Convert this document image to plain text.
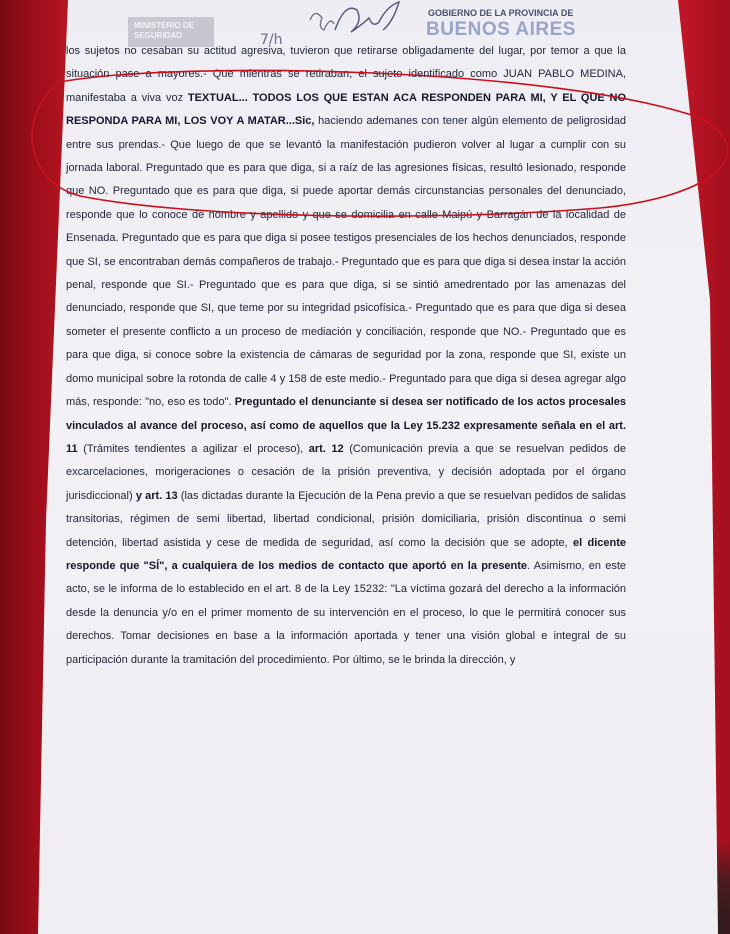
MINISTERIO DE SEGURIDAD	7/h
GOBIERNO DE LA PROVINCIA DE
BUENOS AIRES

los sujetos no cesaban su actitud agresiva, tuvieron que retirarse obligadamente del lugar, por temor a que la situación pase a mayores.- Que mientras se retiraban, el sujeto identificado como JUAN PABLO MEDINA, manifestaba a viva voz TEXTUAL... TODOS LOS QUE ESTAN ACA RESPONDEN PARA MI, Y EL QUE NO RESPONDA PARA MI, LOS VOY A MATAR...Sic, haciendo ademanes con tener algún elemento de peligrosidad entre sus prendas.- Que luego de que se levantó la manifestación pudieron volver al lugar a cumplir con su jornada laboral. Preguntado que es para que diga, si a raíz de las agresiones físicas, resultó lesionado, responde que NO. Preguntado que es para que diga, si puede aportar demás circunstancias personales del denunciado, responde que lo conoce de nombre y apellido y que se domicilia en calle Maipú y Barragán de la localidad de Ensenada. Preguntado que es para que diga si posee testigos presenciales de los hechos denunciados, responde que SI, se encontraban demás compañeros de trabajo.- Preguntado que es para que diga si desea instar la acción penal, responde que SI.- Preguntado que es para que diga, si se sintió amedrentado por las amenazas del denunciado, responde que SI, que teme por su integridad psicofísica.- Preguntado que es para que diga si desea someter el presente conflicto a un proceso de mediación y conciliación, responde que NO.- Preguntado que es para que diga, si conoce sobre la existencia de cámaras de seguridad por la zona, responde que SI, existe un domo municipal sobre la rotonda de calle 4 y 158 de este medio.- Preguntado para que diga si desea agregar algo más, responde: "no, eso es todo". Preguntado el denunciante si desea ser notificado de los actos procesales vinculados al avance del proceso, así como de aquellos que la Ley 15.232 expresamente señala en el art. 11 (Trámites tendientes a agilizar el proceso), art. 12 (Comunicación previa a que se resuelvan pedidos de excarcelaciones, morigeraciones o cesación de la prisión preventiva, y decisión adoptada por el órgano jurisdiccional) y art. 13 (las dictadas durante la Ejecución de la Pena previo a que se resuelvan pedidos de salidas transitorias, régimen de semi libertad, libertad condicional, prisión domiciliaria, prisión discontinua o semi detención, libertad asistida y cese de medida de seguridad, así como la decisión que se adopte, el dicente responde que "SÍ", a cualquiera de los medios de contacto que aportó en la presente. Asimismo, en este acto, se le informa de lo establecido en el art. 8 de la Ley 15232: "La víctima gozará del derecho a la información desde la denuncia y/o en el primer momento de su intervención en el proceso, lo que le permitirá conocer sus derechos. Tomar decisiones en base a la información aportada y tener una visión global e integral de su participación durante la tramitación del procedimiento. Por último, se le brinda la dirección, y
